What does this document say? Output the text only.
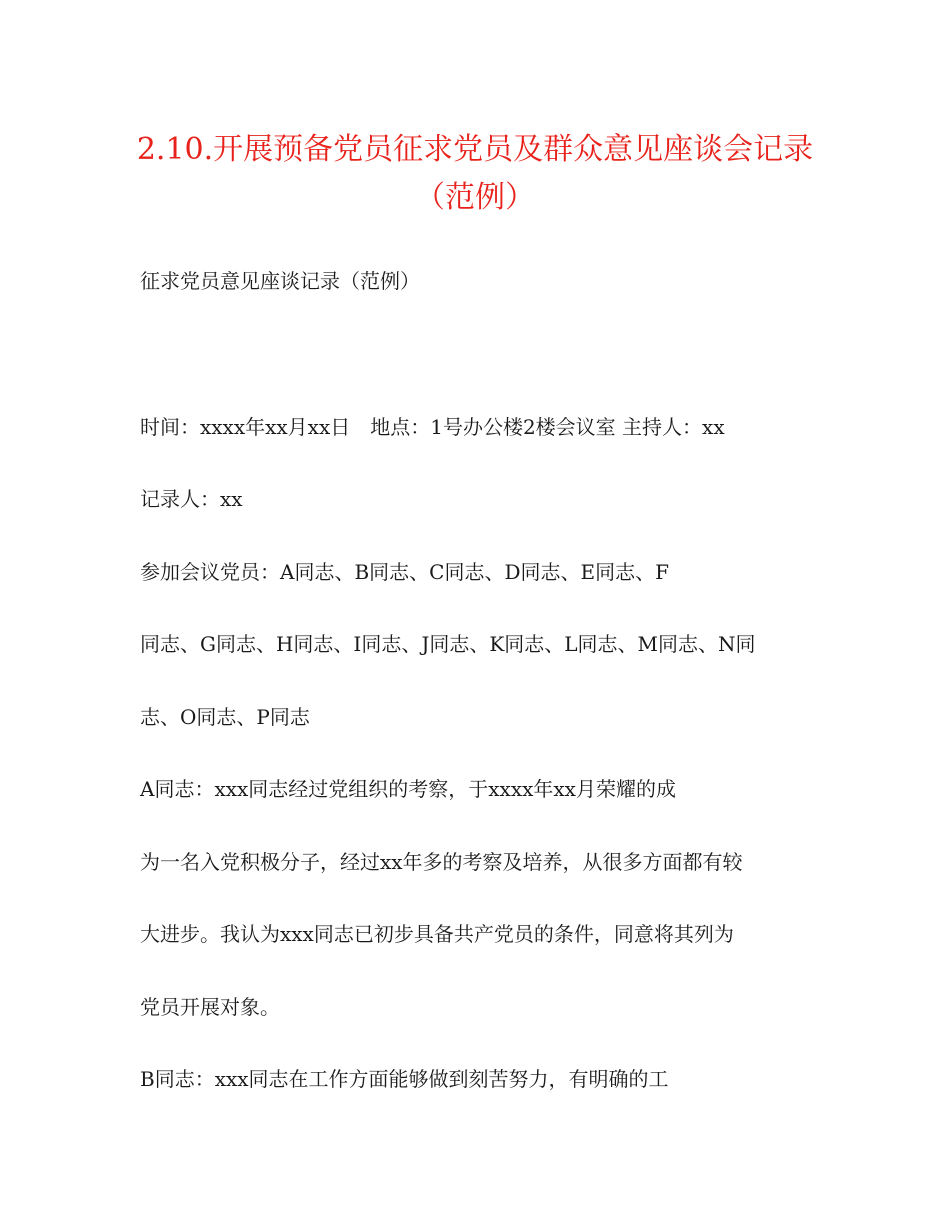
2.10.开展预备党员征求党员及群众意见座谈会记录
（范例）
征求党员意见座谈记录（范例）
时间：xxxx年xx月xx日　地点：1号办公楼2楼会议室 主持人：xx
记录人：xx
参加会议党员：A同志、B同志、C同志、D同志、E同志、F
同志、G同志、H同志、I同志、J同志、K同志、L同志、M同志、N同
志、O同志、P同志
A同志：xxx同志经过党组织的考察，于xxxx年xx月荣耀的成
为一名入党积极分子，经过xx年多的考察及培养，从很多方面都有较
大进步。我认为xxx同志已初步具备共产党员的条件，同意将其列为
党员开展对象。
B同志：xxx同志在工作方面能够做到刻苦努力，有明确的工
